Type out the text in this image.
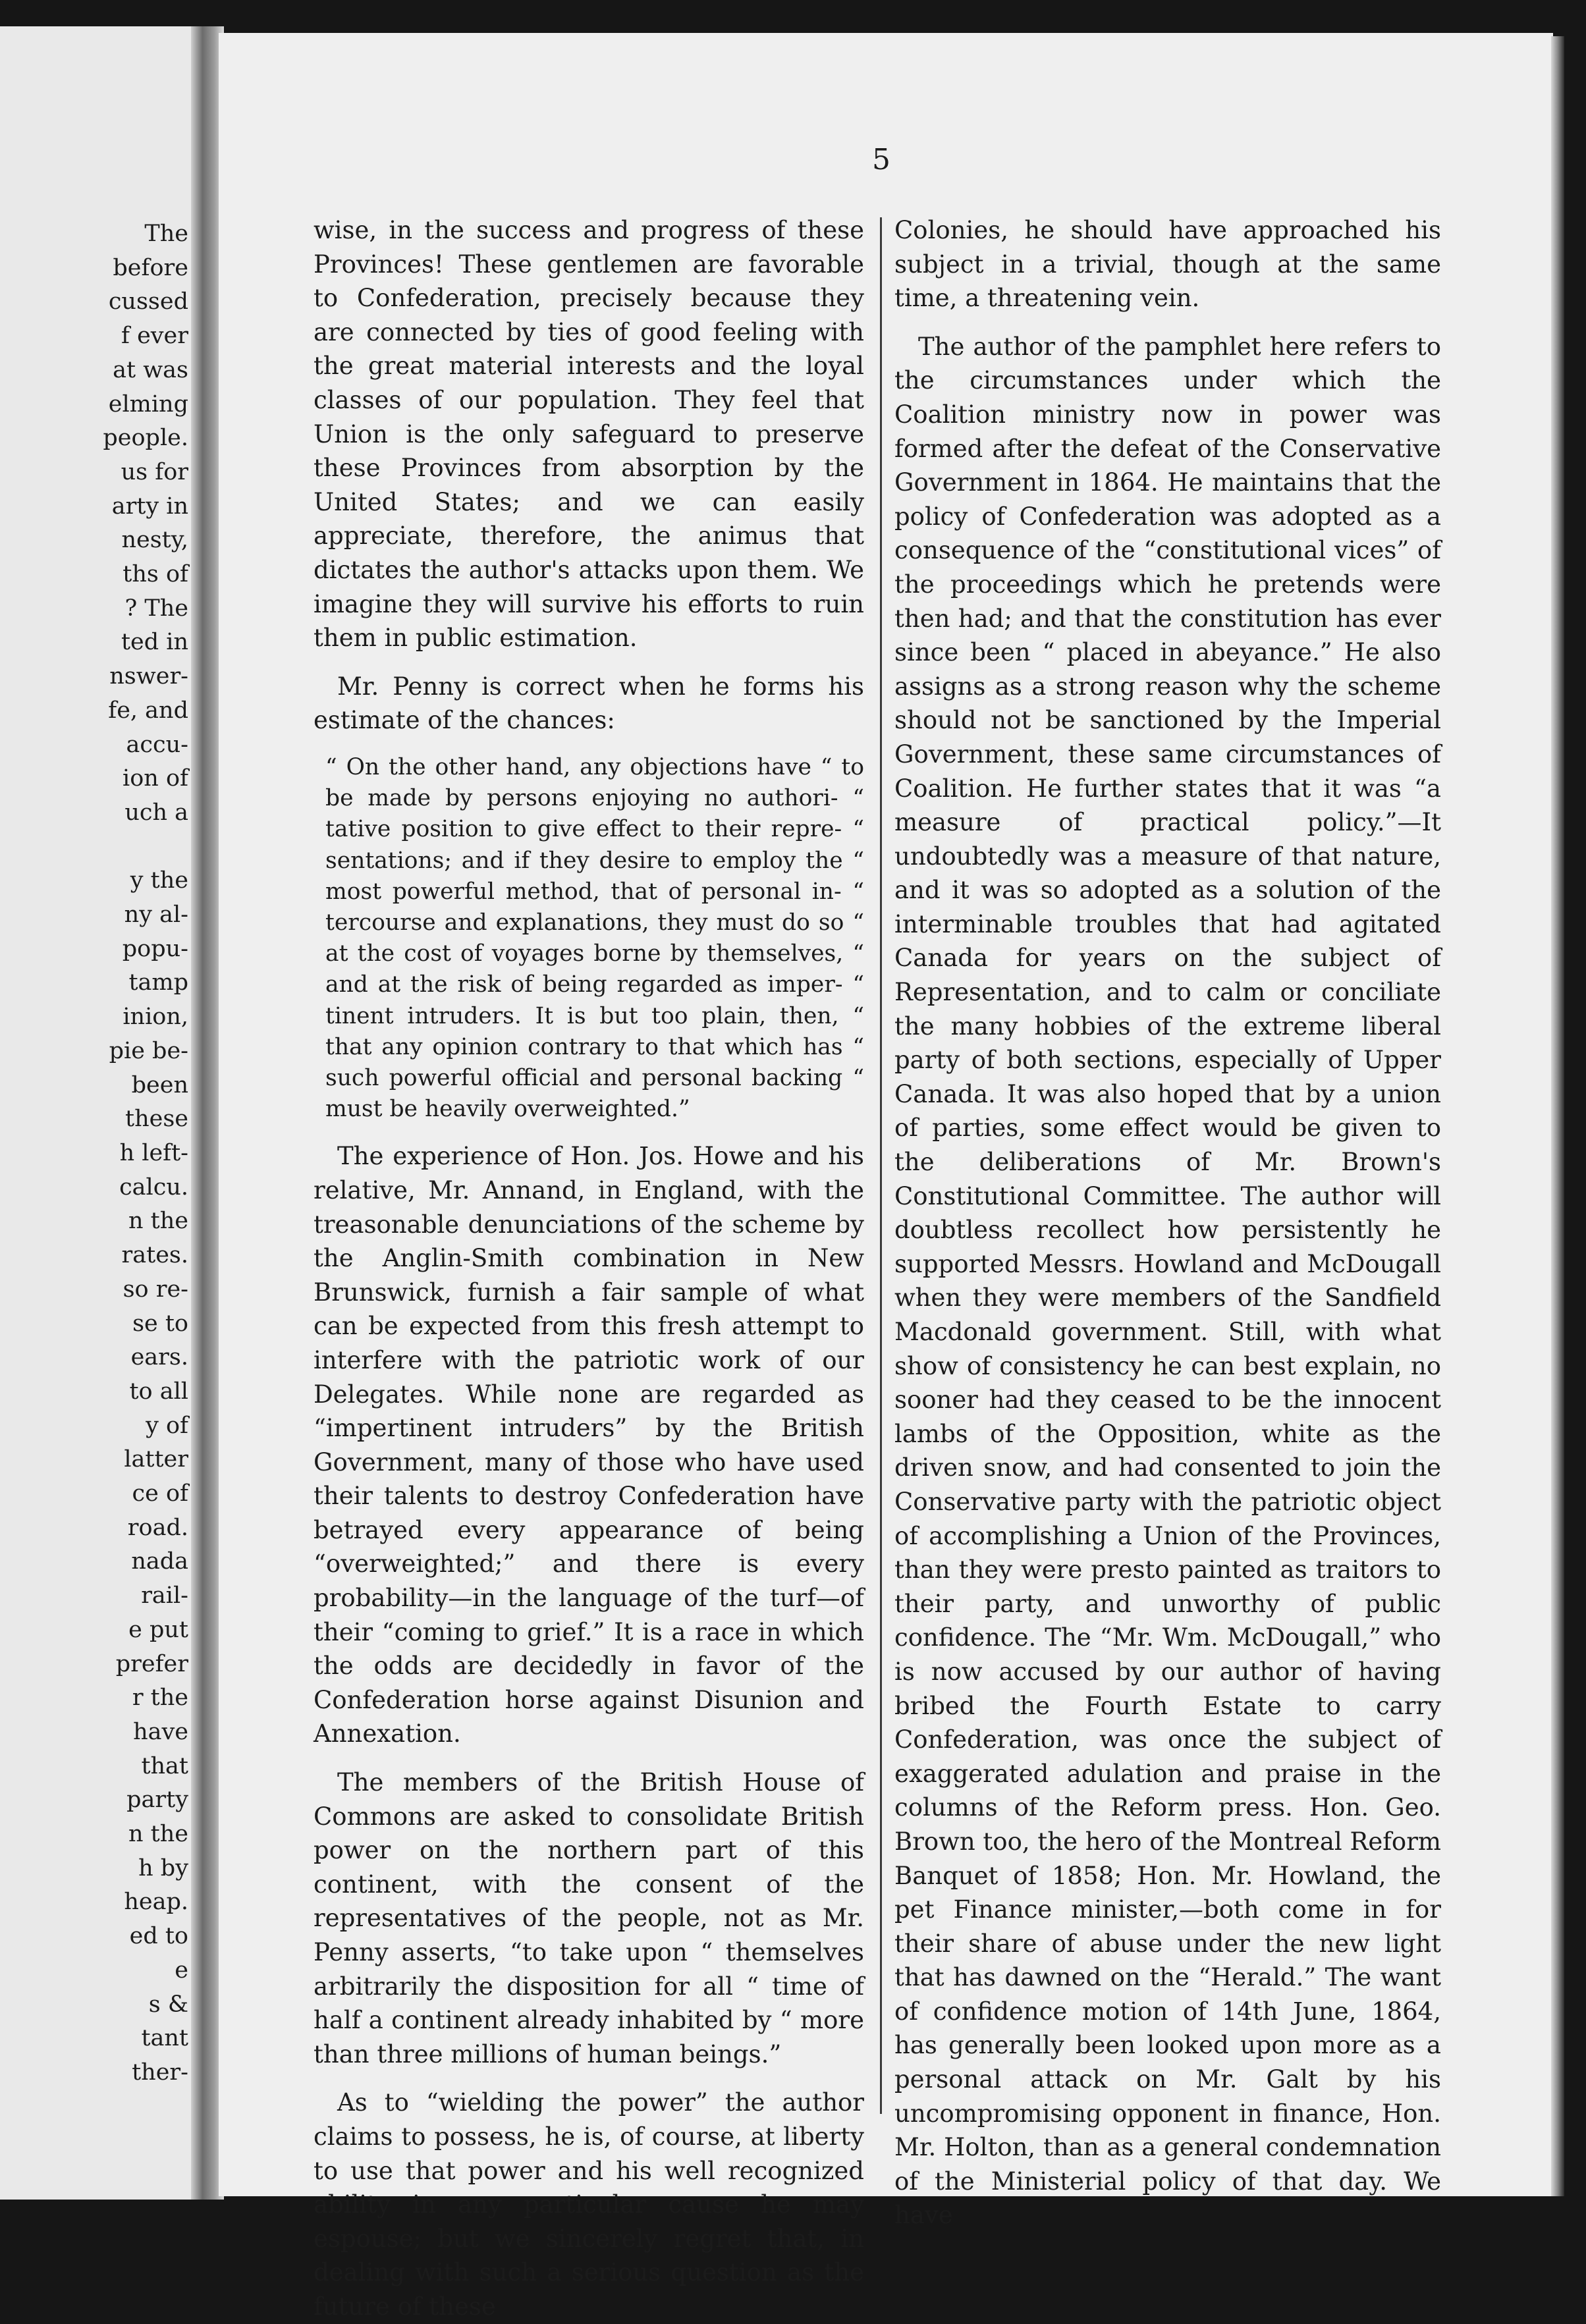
The
before
cussed
f ever
at was
elming
people.
us for
arty in
nesty,
ths of
? The
ted in
nswer-
fe, and
accu-
ion of
uch a

y the
ny al-
popu-
tamp
inion,
pie be-
been
these
h left-
calcu.
n the
rates.
so re-
se to
ears.
to all
y of
latter
ce of
road.
nada
rail-
e put
prefer
r the
have
that
party
n the
h by
heap.
ed to
e
s &
tant
ther-
5

wise, in the success and progress of these Provinces! These gentlemen are favorable to Confederation, precisely because they are connected by ties of good feeling with the great material interests and the loyal classes of our population. They feel that Union is the only safeguard to preserve these Provinces from absorption by the United States; and we can easily appreciate, therefore, the animus that dictates the author's attacks upon them. We imagine they will survive his efforts to ruin them in public estimation.

Mr. Penny is correct when he forms his estimate of the chances:

“ On the other hand, any objections have “ to be made by persons enjoying no authori- “ tative position to give effect to their repre- “ sentations; and if they desire to employ the “ most powerful method, that of personal in- “ tercourse and explanations, they must do so “ at the cost of voyages borne by themselves, “ and at the risk of being regarded as imper- “ tinent intruders. It is but too plain, then, “ that any opinion contrary to that which has “ such powerful official and personal backing “ must be heavily overweighted.”

The experience of Hon. Jos. Howe and his relative, Mr. Annand, in England, with the treasonable denunciations of the scheme by the Anglin-Smith combination in New Brunswick, furnish a fair sample of what can be expected from this fresh attempt to interfere with the patriotic work of our Delegates. While none are regarded as “impertinent intruders” by the British Government, many of those who have used their talents to destroy Confederation have betrayed every appearance of being “overweighted;” and there is every probability—in the language of the turf—of their “coming to grief.” It is a race in which the odds are decidedly in favor of the Confederation horse against Disunion and Annexation.

The members of the British House of Commons are asked to consolidate British power on the northern part of this continent, with the consent of the representatives of the people, not as Mr. Penny asserts, “to take upon “ themselves arbitrarily the disposition for all “ time of half a continent already inhabited by “ more than three millions of human beings.”

As to “wielding the power” the author claims to possess, he is, of course, at liberty to use that power and his well recognized ability in any particular cause he may espouse; but we sincerely regret that, in dealing with such a serious question as the future of these

Colonies, he should have approached his subject in a trivial, though at the same time, a threatening vein.

The author of the pamphlet here refers to the circumstances under which the Coalition ministry now in power was formed after the defeat of the Conservative Government in 1864. He maintains that the policy of Confederation was adopted as a consequence of the “constitutional vices” of the proceedings which he pretends were then had; and that the constitution has ever since been “ placed in abeyance.” He also assigns as a strong reason why the scheme should not be sanctioned by the Imperial Government, these same circumstances of Coalition. He further states that it was “a measure of practical policy.”—It undoubtedly was a measure of that nature, and it was so adopted as a solution of the interminable troubles that had agitated Canada for years on the subject of Representation, and to calm or conciliate the many hobbies of the extreme liberal party of both sections, especially of Upper Canada. It was also hoped that by a union of parties, some effect would be given to the deliberations of Mr. Brown's Constitutional Committee. The author will doubtless recollect how persistently he supported Messrs. Howland and McDougall when they were members of the Sandfield Macdonald government. Still, with what show of consistency he can best explain, no sooner had they ceased to be the innocent lambs of the Opposition, white as the driven snow, and had consented to join the Conservative party with the patriotic object of accomplishing a Union of the Provinces, than they were presto painted as traitors to their party, and unworthy of public confidence. The “Mr. Wm. McDougall,” who is now accused by our author of having bribed the Fourth Estate to carry Confederation, was once the subject of exaggerated adulation and praise in the columns of the Reform press. Hon. Geo. Brown too, the hero of the Montreal Reform Banquet of 1858; Hon. Mr. Howland, the pet Finance minister,—both come in for their share of abuse under the new light that has dawned on the “Herald.” The want of confidence motion of 14th June, 1864, has generally been looked upon more as a personal attack on Mr. Galt by his uncompromising opponent in finance, Hon. Mr. Holton, than as a general condemnation of the Ministerial policy of that day. We have
